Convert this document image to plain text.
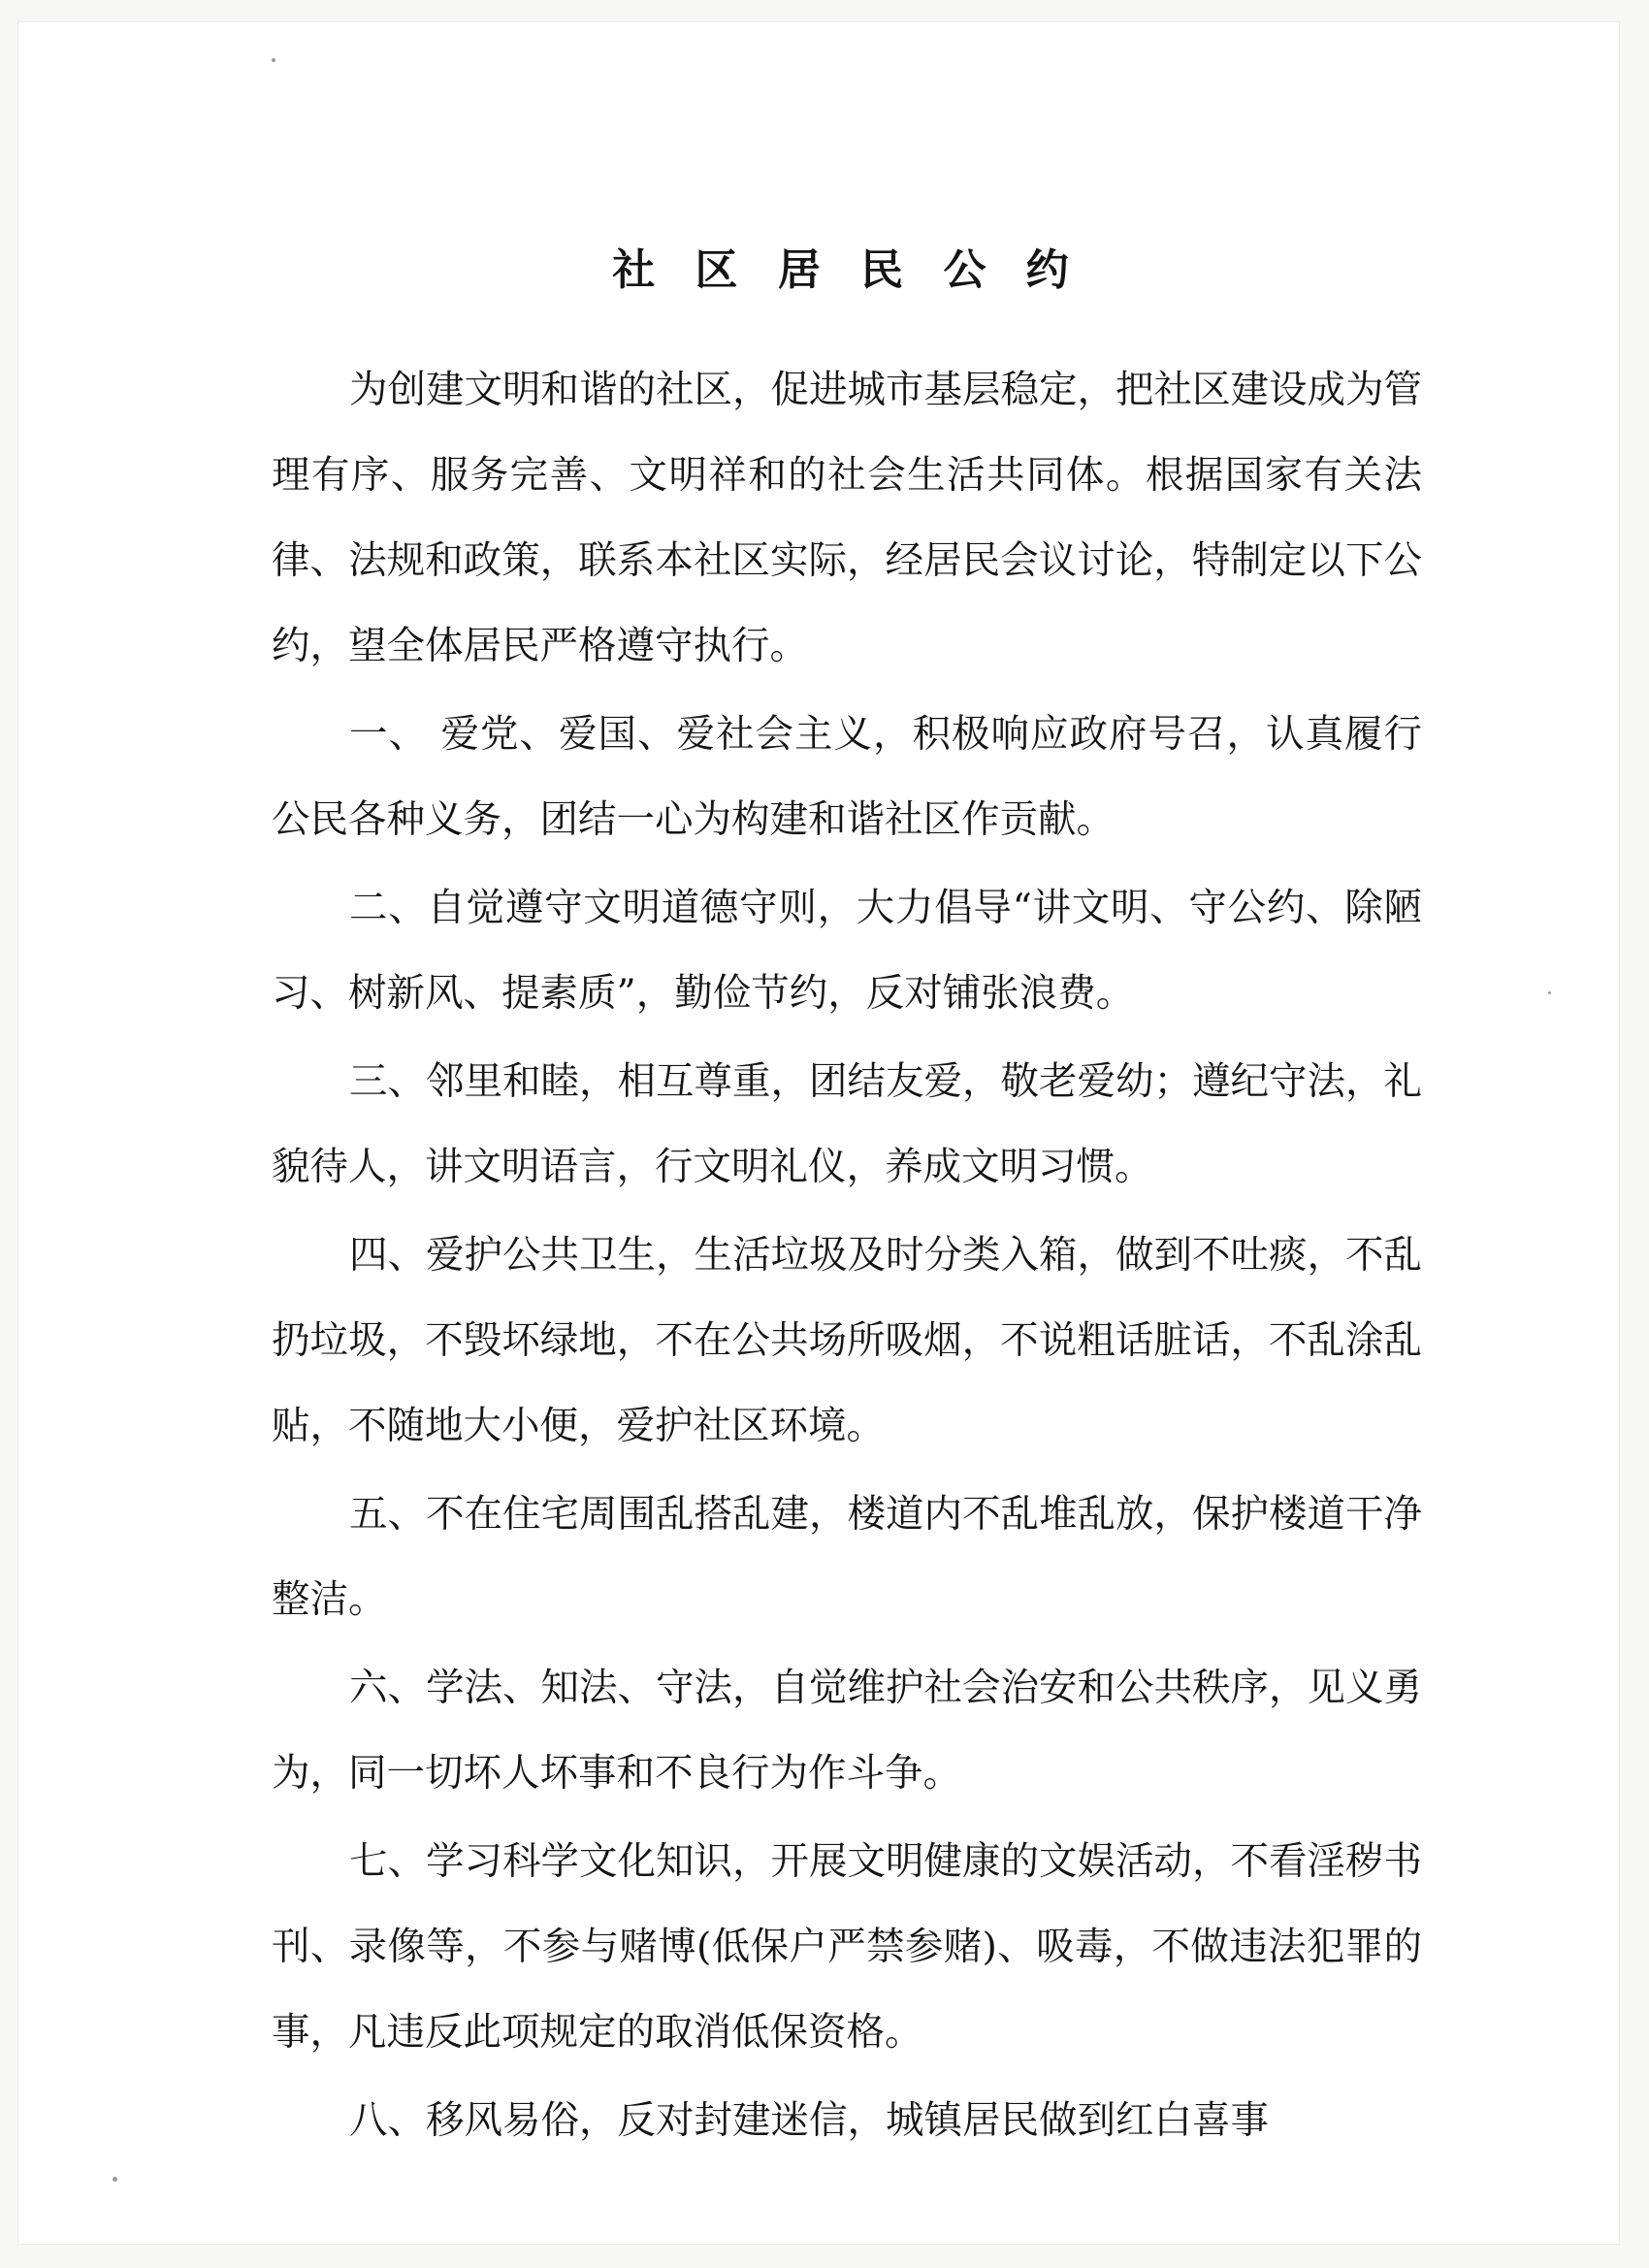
社 区 居 民 公 约

为创建文明和谐的社区，促进城市基层稳定，把社区建设成为管理有序、服务完善、文明祥和的社会生活共同体。根据国家有关法律、法规和政策，联系本社区实际，经居民会议讨论，特制定以下公约，望全体居民严格遵守执行。

一、 爱党、爱国、爱社会主义，积极响应政府号召，认真履行公民各种义务，团结一心为构建和谐社区作贡献。

二、自觉遵守文明道德守则，大力倡导“讲文明、守公约、除陋习、树新风、提素质”，勤俭节约，反对铺张浪费。

三、邻里和睦，相互尊重，团结友爱，敬老爱幼；遵纪守法，礼貌待人，讲文明语言，行文明礼仪，养成文明习惯。

四、爱护公共卫生，生活垃圾及时分类入箱，做到不吐痰，不乱扔垃圾，不毁坏绿地，不在公共场所吸烟，不说粗话脏话，不乱涂乱贴，不随地大小便，爱护社区环境。

五、不在住宅周围乱搭乱建，楼道内不乱堆乱放，保护楼道干净整洁。

六、学法、知法、守法，自觉维护社会治安和公共秩序，见义勇为，同一切坏人坏事和不良行为作斗争。

七、学习科学文化知识，开展文明健康的文娱活动，不看淫秽书刊、录像等，不参与赌博(低保户严禁参赌)、吸毒，不做违法犯罪的事，凡违反此项规定的取消低保资格。

八、移风易俗，反对封建迷信，城镇居民做到红白喜事
